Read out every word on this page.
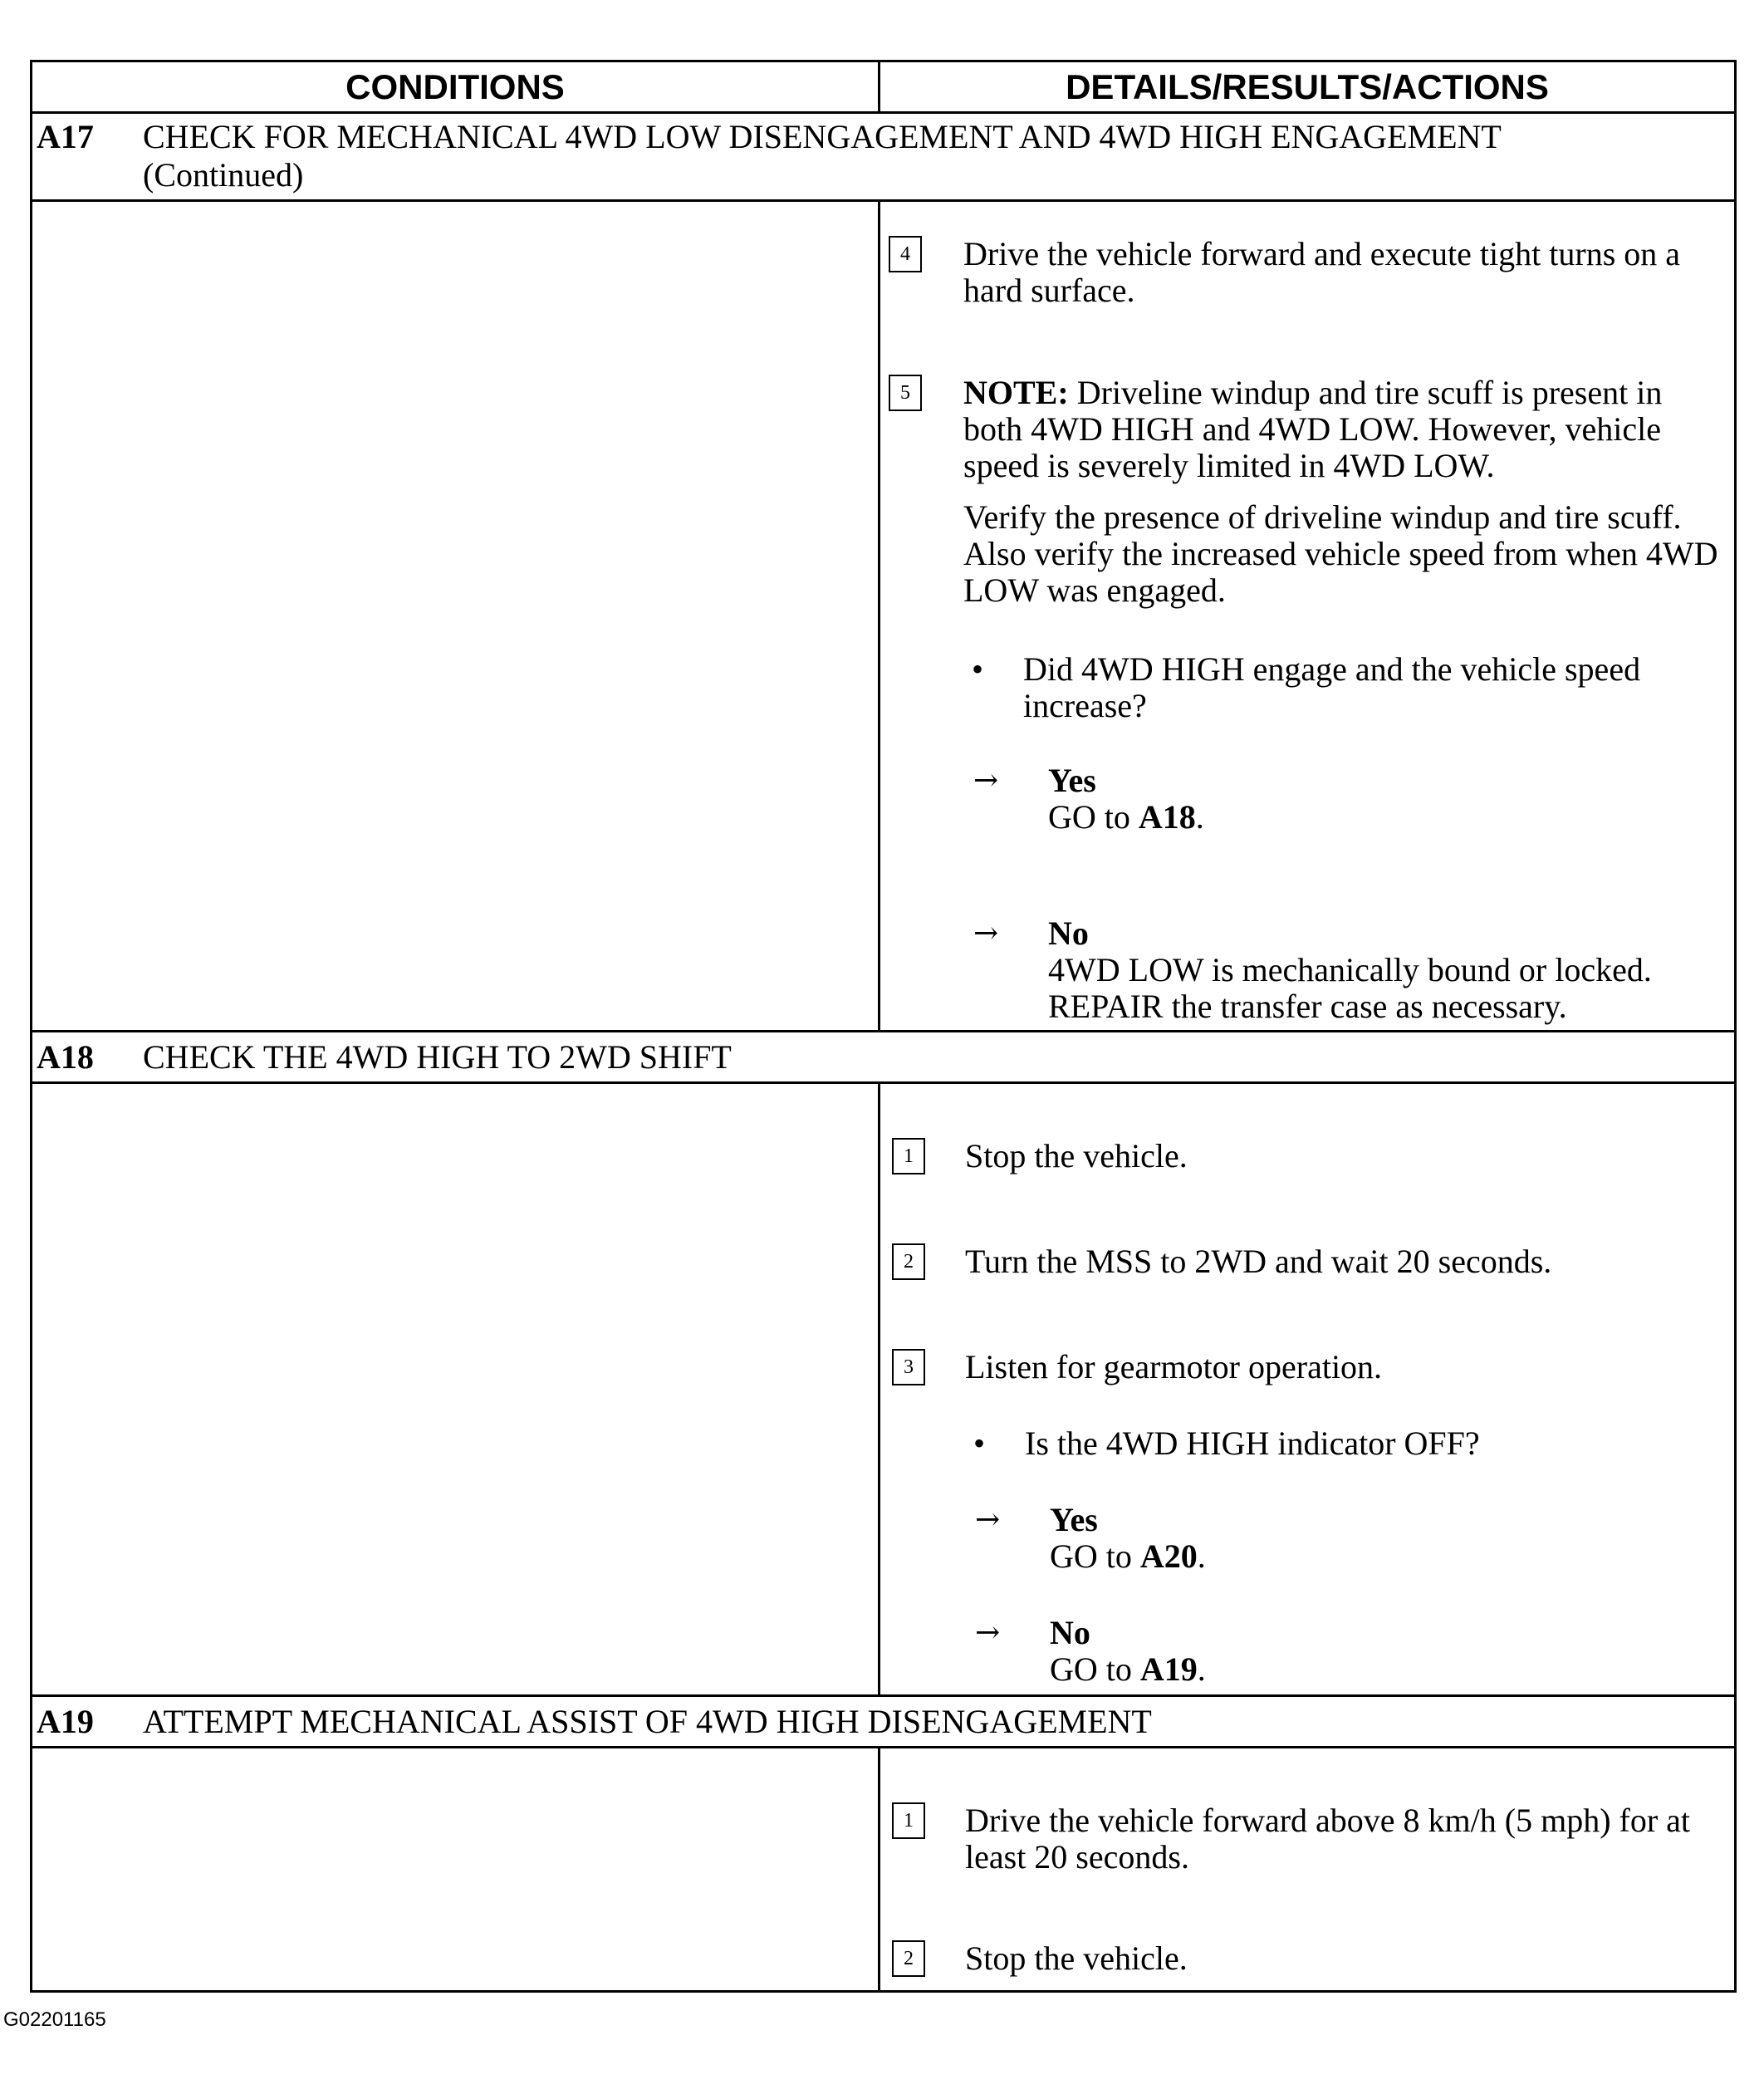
CONDITIONS	DETAILS/RESULTS/ACTIONS
A17 CHECK FOR MECHANICAL 4WD LOW DISENGAGEMENT AND 4WD HIGH ENGAGEMENT
(Continued)
4	Drive the vehicle forward and execute tight turns on a hard surface.
5	NOTE: Driveline windup and tire scuff is present in both 4WD HIGH and 4WD LOW. However, vehicle speed is severely limited in 4WD LOW.
Verify the presence of driveline windup and tire scuff. Also verify the increased vehicle speed from when 4WD LOW was engaged.
• Did 4WD HIGH engage and the vehicle speed increase?
→ Yes
GO to A18.
→ No
4WD LOW is mechanically bound or locked. REPAIR the transfer case as necessary.
A18 CHECK THE 4WD HIGH TO 2WD SHIFT
1	Stop the vehicle.
2	Turn the MSS to 2WD and wait 20 seconds.
3	Listen for gearmotor operation.
• Is the 4WD HIGH indicator OFF?
→ Yes
GO to A20.
→ No
GO to A19.
A19 ATTEMPT MECHANICAL ASSIST OF 4WD HIGH DISENGAGEMENT
1	Drive the vehicle forward above 8 km/h (5 mph) for at least 20 seconds.
2	Stop the vehicle.
G02201165
